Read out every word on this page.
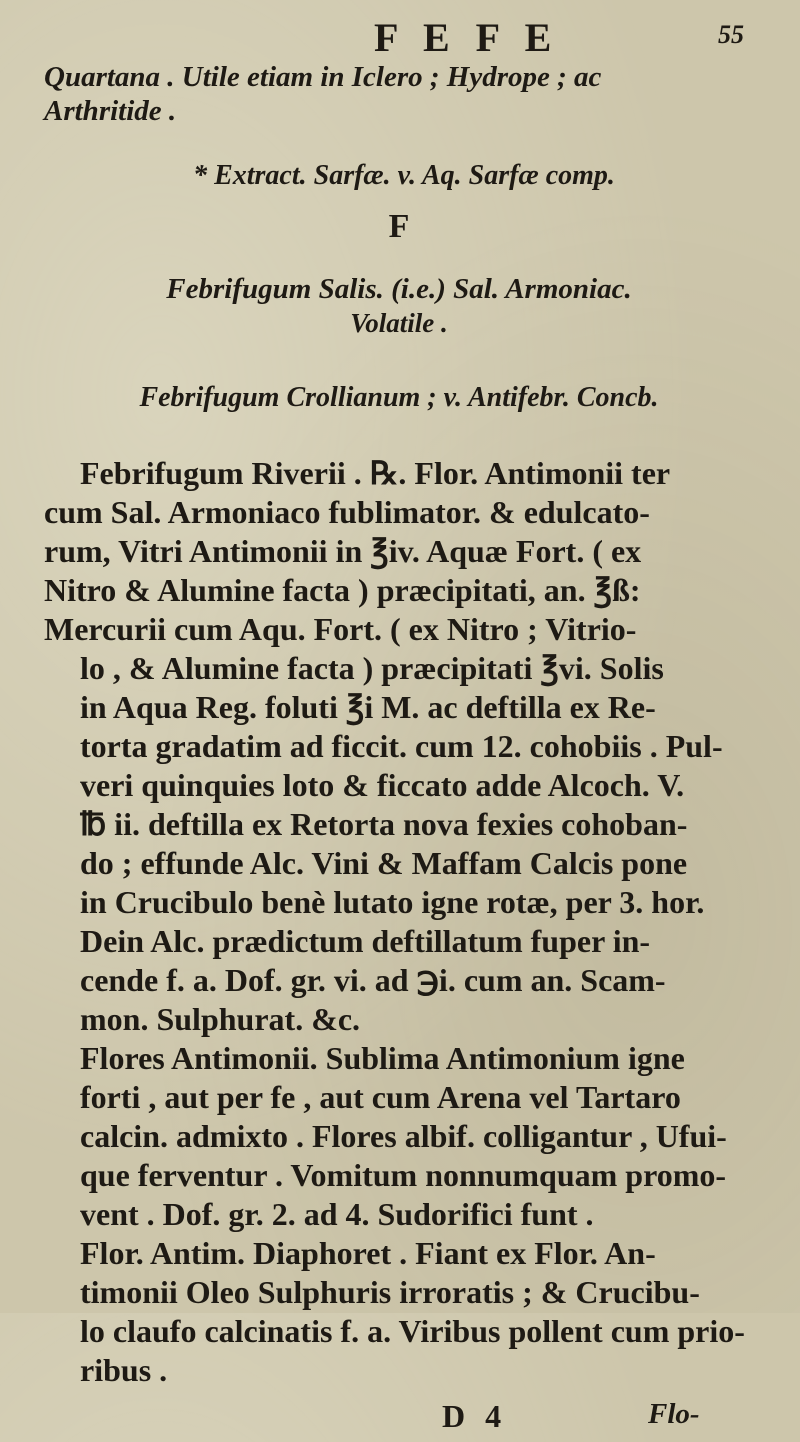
F E F E	55
Quartana . Utile etiam in Iclero ; Hydrope ; ac
Arthritide .
* Extract. Sarfæ. v. Aq. Sarfæ comp.
F
Febrifugum Salis. (i.e.) Sal. Armoniac.
Volatile .
Febrifugum Crollianum ; v. Antifebr. Concb.
Febrifugum Riverii . ℞. Flor. Antimonii ter
cum Sal. Armoniaco fublimator. & edulcato-
rum, Vitri Antimonii in ℥iv. Aquæ Fort. ( ex
Nitro & Alumine facta ) præcipitati, an. ℥ß:
Mercurii cum Aqu. Fort. ( ex Nitro ; Vitrio-
lo , & Alumine facta ) præcipitati ℥vi. Solis
in Aqua Reg. foluti ℥i M. ac deftilla ex Re-
torta gradatim ad ficcit. cum 12. cohobiis . Pul-
veri quinquies loto & ficcato adde Alcoch. V.
℔ ii. deftilla ex Retorta nova fexies cohoban-
do ; effunde Alc. Vini & Maffam Calcis pone
in Crucibulo benè lutato igne rotæ, per 3. hor.
Dein Alc. prædictum deftillatum fuper in-
cende f. a. Dof. gr. vi. ad ℈i. cum an. Scam-
mon. Sulphurat. &c.
Flores Antimonii. Sublima Antimonium igne
forti , aut per fe , aut cum Arena vel Tartaro
calcin. admixto . Flores albif. colligantur , Ufui-
que ferventur . Vomitum nonnumquam promo-
vent . Dof. gr. 2. ad 4. Sudorifici funt .
Flor. Antim. Diaphoret . Fiant ex Flor. An-
timonii Oleo Sulphuris irroratis ; & Crucibu-
lo claufo calcinatis f. a. Viribus pollent cum prio-
ribus .
D 4	Flo-
